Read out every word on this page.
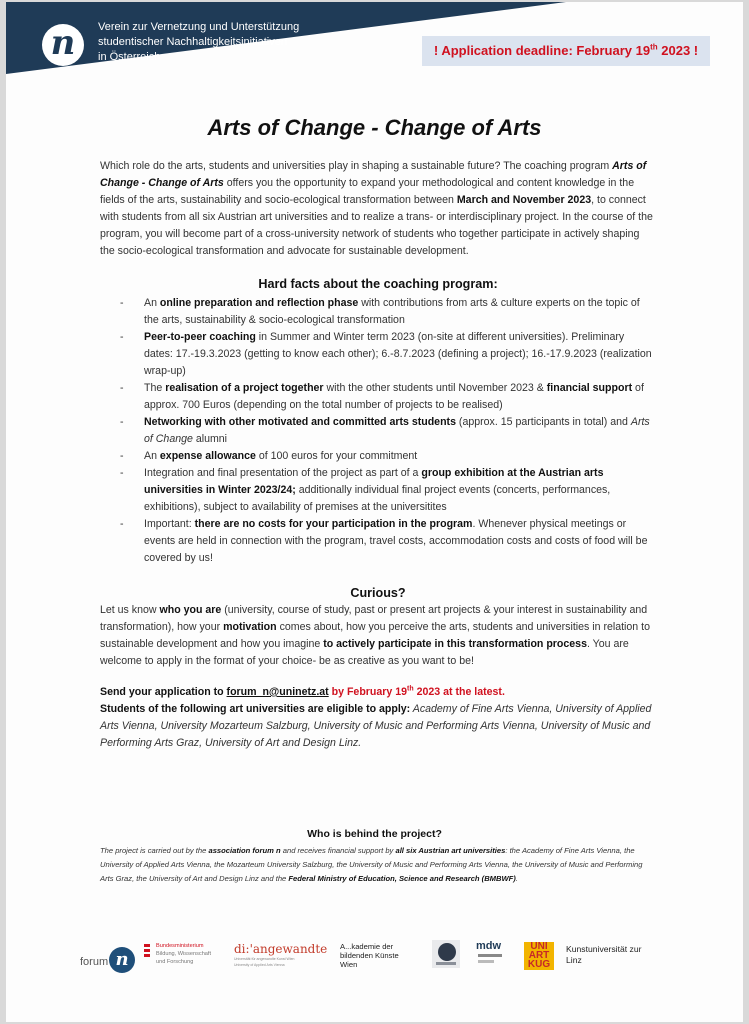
n	Verein zur Vernetzung und Unterstützung
studentischer Nachhaltigkeitsinitiativen
in Österreich	! Application deadline: February 19th 2023 !
Arts of Change - Change of Arts

Which role do the arts, students and universities play in shaping a sustainable future? The coaching program Arts of Change - Change of Arts offers you the opportunity to expand your methodological and content knowledge in the fields of the arts, sustainability and socio-ecological transformation between March and November 2023, to connect with students from all six Austrian art universities and to realize a trans- or interdisciplinary project. In the course of the program, you will become part of a cross-university network of students who together participate in actively shaping the socio-ecological transformation and advocate for sustainable development.

Hard facts about the coaching program:
- An online preparation and reflection phase with contributions from arts & culture experts on the topic of the arts, sustainability & socio-ecological transformation
- Peer-to-peer coaching in Summer and Winter term 2023 (on-site at different universities). Preliminary dates: 17.-19.3.2023 (getting to know each other); 6.-8.7.2023 (defining a project); 16.-17.9.2023 (realization wrap-up)
- The realisation of a project together with the other students until November 2023 & financial support of approx. 700 Euros (depending on the total number of projects to be realised)
- Networking with other motivated and committed arts students (approx. 15 participants in total) and Arts of Change alumni
- An expense allowance of 100 euros for your commitment
- Integration and final presentation of the project as part of a group exhibition at the Austrian arts universities in Winter 2023/24; additionally individual final project events (concerts, performances, exhibitions), subject to availability of premises at the universitites
- Important: there are no costs for your participation in the program. Whenever physical meetings or events are held in connection with the program, travel costs, accommodation costs and costs of food will be covered by us!
Curious?

Let us know who you are (university, course of study, past or present art projects & your interest in sustainability and transformation), how your motivation comes about, how you perceive the arts, students and universities in relation to sustainable development and how you imagine to actively participate in this transformation process. You are welcome to apply in the format of your choice- be as creative as you want to be!

Send your application to forum_n@uninetz.at by February 19th 2023 at the latest.

Students of the following art universities are eligible to apply: Academy of Fine Arts Vienna, University of Applied Arts Vienna, University Mozarteum Salzburg, University of Music and Performing Arts Vienna, University of Music and Performing Arts Graz, University of Art and Design Linz.

Who is behind the project?
The project is carried out by the association forum n and receives financial support by all six Austrian art universities: the Academy of Fine Arts Vienna, the University of Applied Arts Vienna, the Mozarteum University Salzburg, the University of Music and Performing Arts Vienna, the University of Music and Performing Arts Graz, the University of Art and Design Linz and the Federal Ministry of Education, Science and Research (BMBWF).
forum n
Bundesministerium
Bildung, Wissenschaft
und Forschung
di:'angewandte
Universität für angewandte Kunst Wien
University of Applied Arts Vienna
A...kademie der
bildenden Künste
Wien
mdw	UNI
ART
KUG
Kunstuniversität zur
Linz
